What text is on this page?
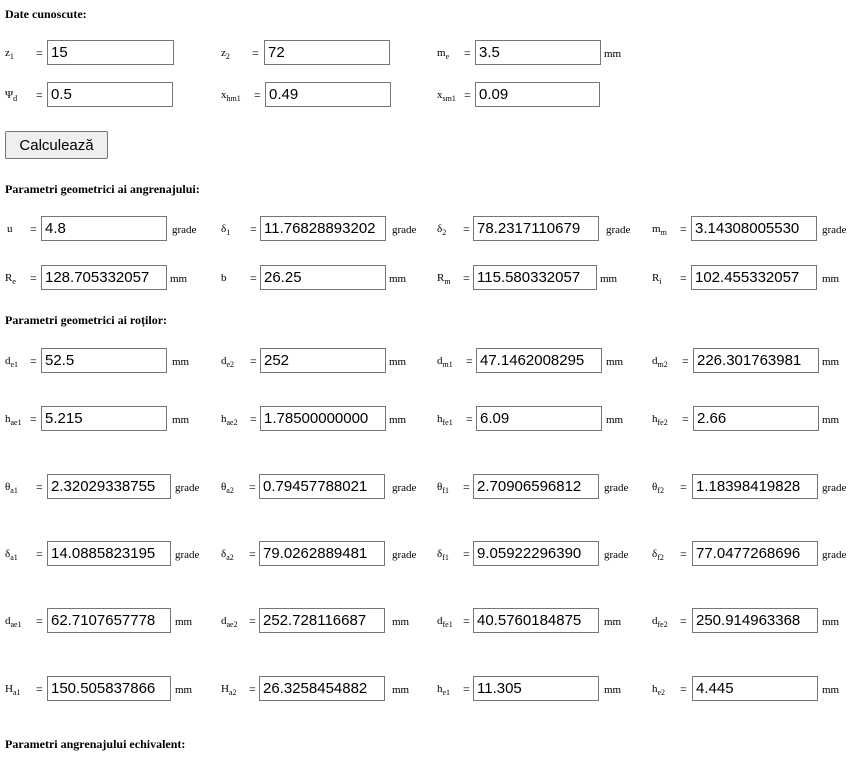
Date cunoscute:
Calculează
Parametri geometrici ai angrenajului:
Parametri geometrici ai roților:
Parametri angrenajului echivalent:
$z_1 = 15$	$z_2 = 72$	$m_e = 3.5$	mm
$\Psi_d = 0.5$	$x_{hm1} = 0.49$	$x_{sm1} = 0.09$
u = 4.8	grade $\delta_1 = 11.76828893202$	grade $\delta_2 = 78.2317110679$	grade $m_m = 3.14308005530$	grade
$R_e = 128.705332057$	mm	b = 26.25	mm	$R_m = 115.580332057$	mm	$R_i = 102.455332057$	mm
$d_{e1} = 52.5$	mm	$d_{e2} = 252$	mm	$d_{m1} = 47.1462008295$	mm	$d_{m2} = 226.301763981$	mm
$h_{ae1} = 5.215$	mm	$h_{ae2} = 1.78500000000$	mm	$h_{fe1} = 6.09$	mm	$h_{fe2} = 2.66$	mm
$\theta_{a1} = 2.32029338755$	grade $\theta_{a2} = 0.79457788021$	grade $\theta_{f1} = 2.70906596812$	grade $\theta_{f2} = 1.18398419828$	grade
$\delta_{a1} = 14.0885823195$	grade $\delta_{a2} = 79.0262889481$	grade $\delta_{f1} = 9.05922296390$	grade $\delta_{f2} = 77.0477268696$	grade
$d_{ae1} = 62.7107657778$	mm	$d_{ae2} = 252.728116687$	mm	$d_{fe1} = 40.5760184875$	mm	$d_{fe2} = 250.914963368$	mm
$H_{a1} = 150.505837866$	mm	$H_{a2} = 26.3258454882$	mm	$h_{e1} = 11.305$	mm	$h_{e2} = 4.445$	mm
